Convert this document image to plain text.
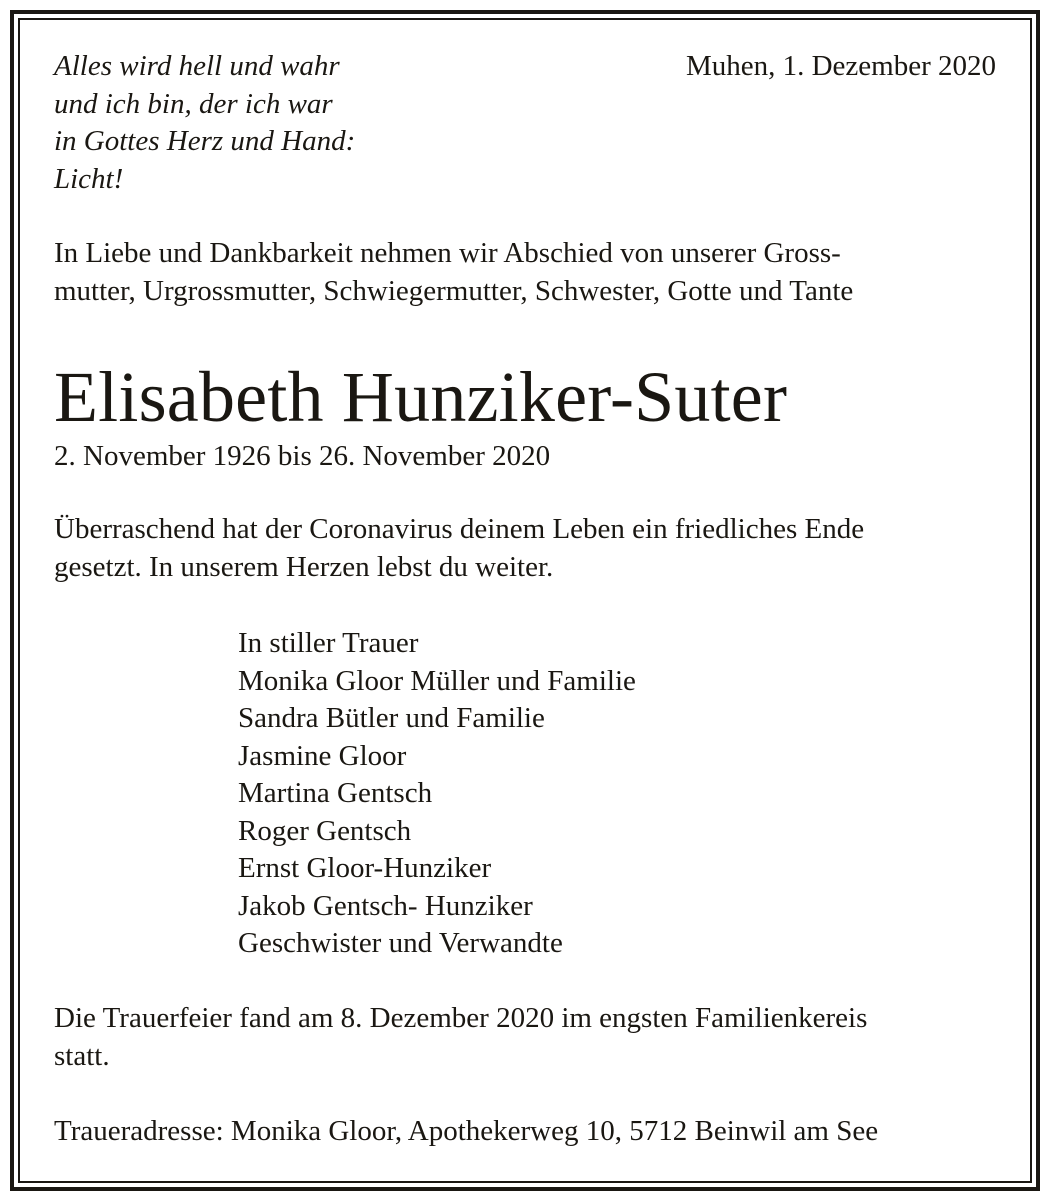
Alles wird hell und wahr
und ich bin, der ich war
in Gottes Herz und Hand:
Licht!
Muhen, 1. Dezember 2020
In Liebe und Dankbarkeit nehmen wir Abschied von unserer Gross-
mutter, Urgrossmutter, Schwiegermutter, Schwester, Gotte und Tante
Elisabeth Hunziker-Suter
2. November 1926 bis 26. November 2020
Überraschend hat der Coronavirus deinem Leben ein friedliches Ende
gesetzt. In unserem Herzen lebst du weiter.
In stiller Trauer
Monika Gloor Müller und Familie
Sandra Bütler und Familie
Jasmine Gloor
Martina Gentsch
Roger Gentsch
Ernst Gloor-Hunziker
Jakob Gentsch- Hunziker
Geschwister und Verwandte
Die Trauerfeier fand am 8. Dezember 2020 im engsten Familienkereis
statt.
Traueradresse: Monika Gloor, Apothekerweg 10, 5712 Beinwil am See
